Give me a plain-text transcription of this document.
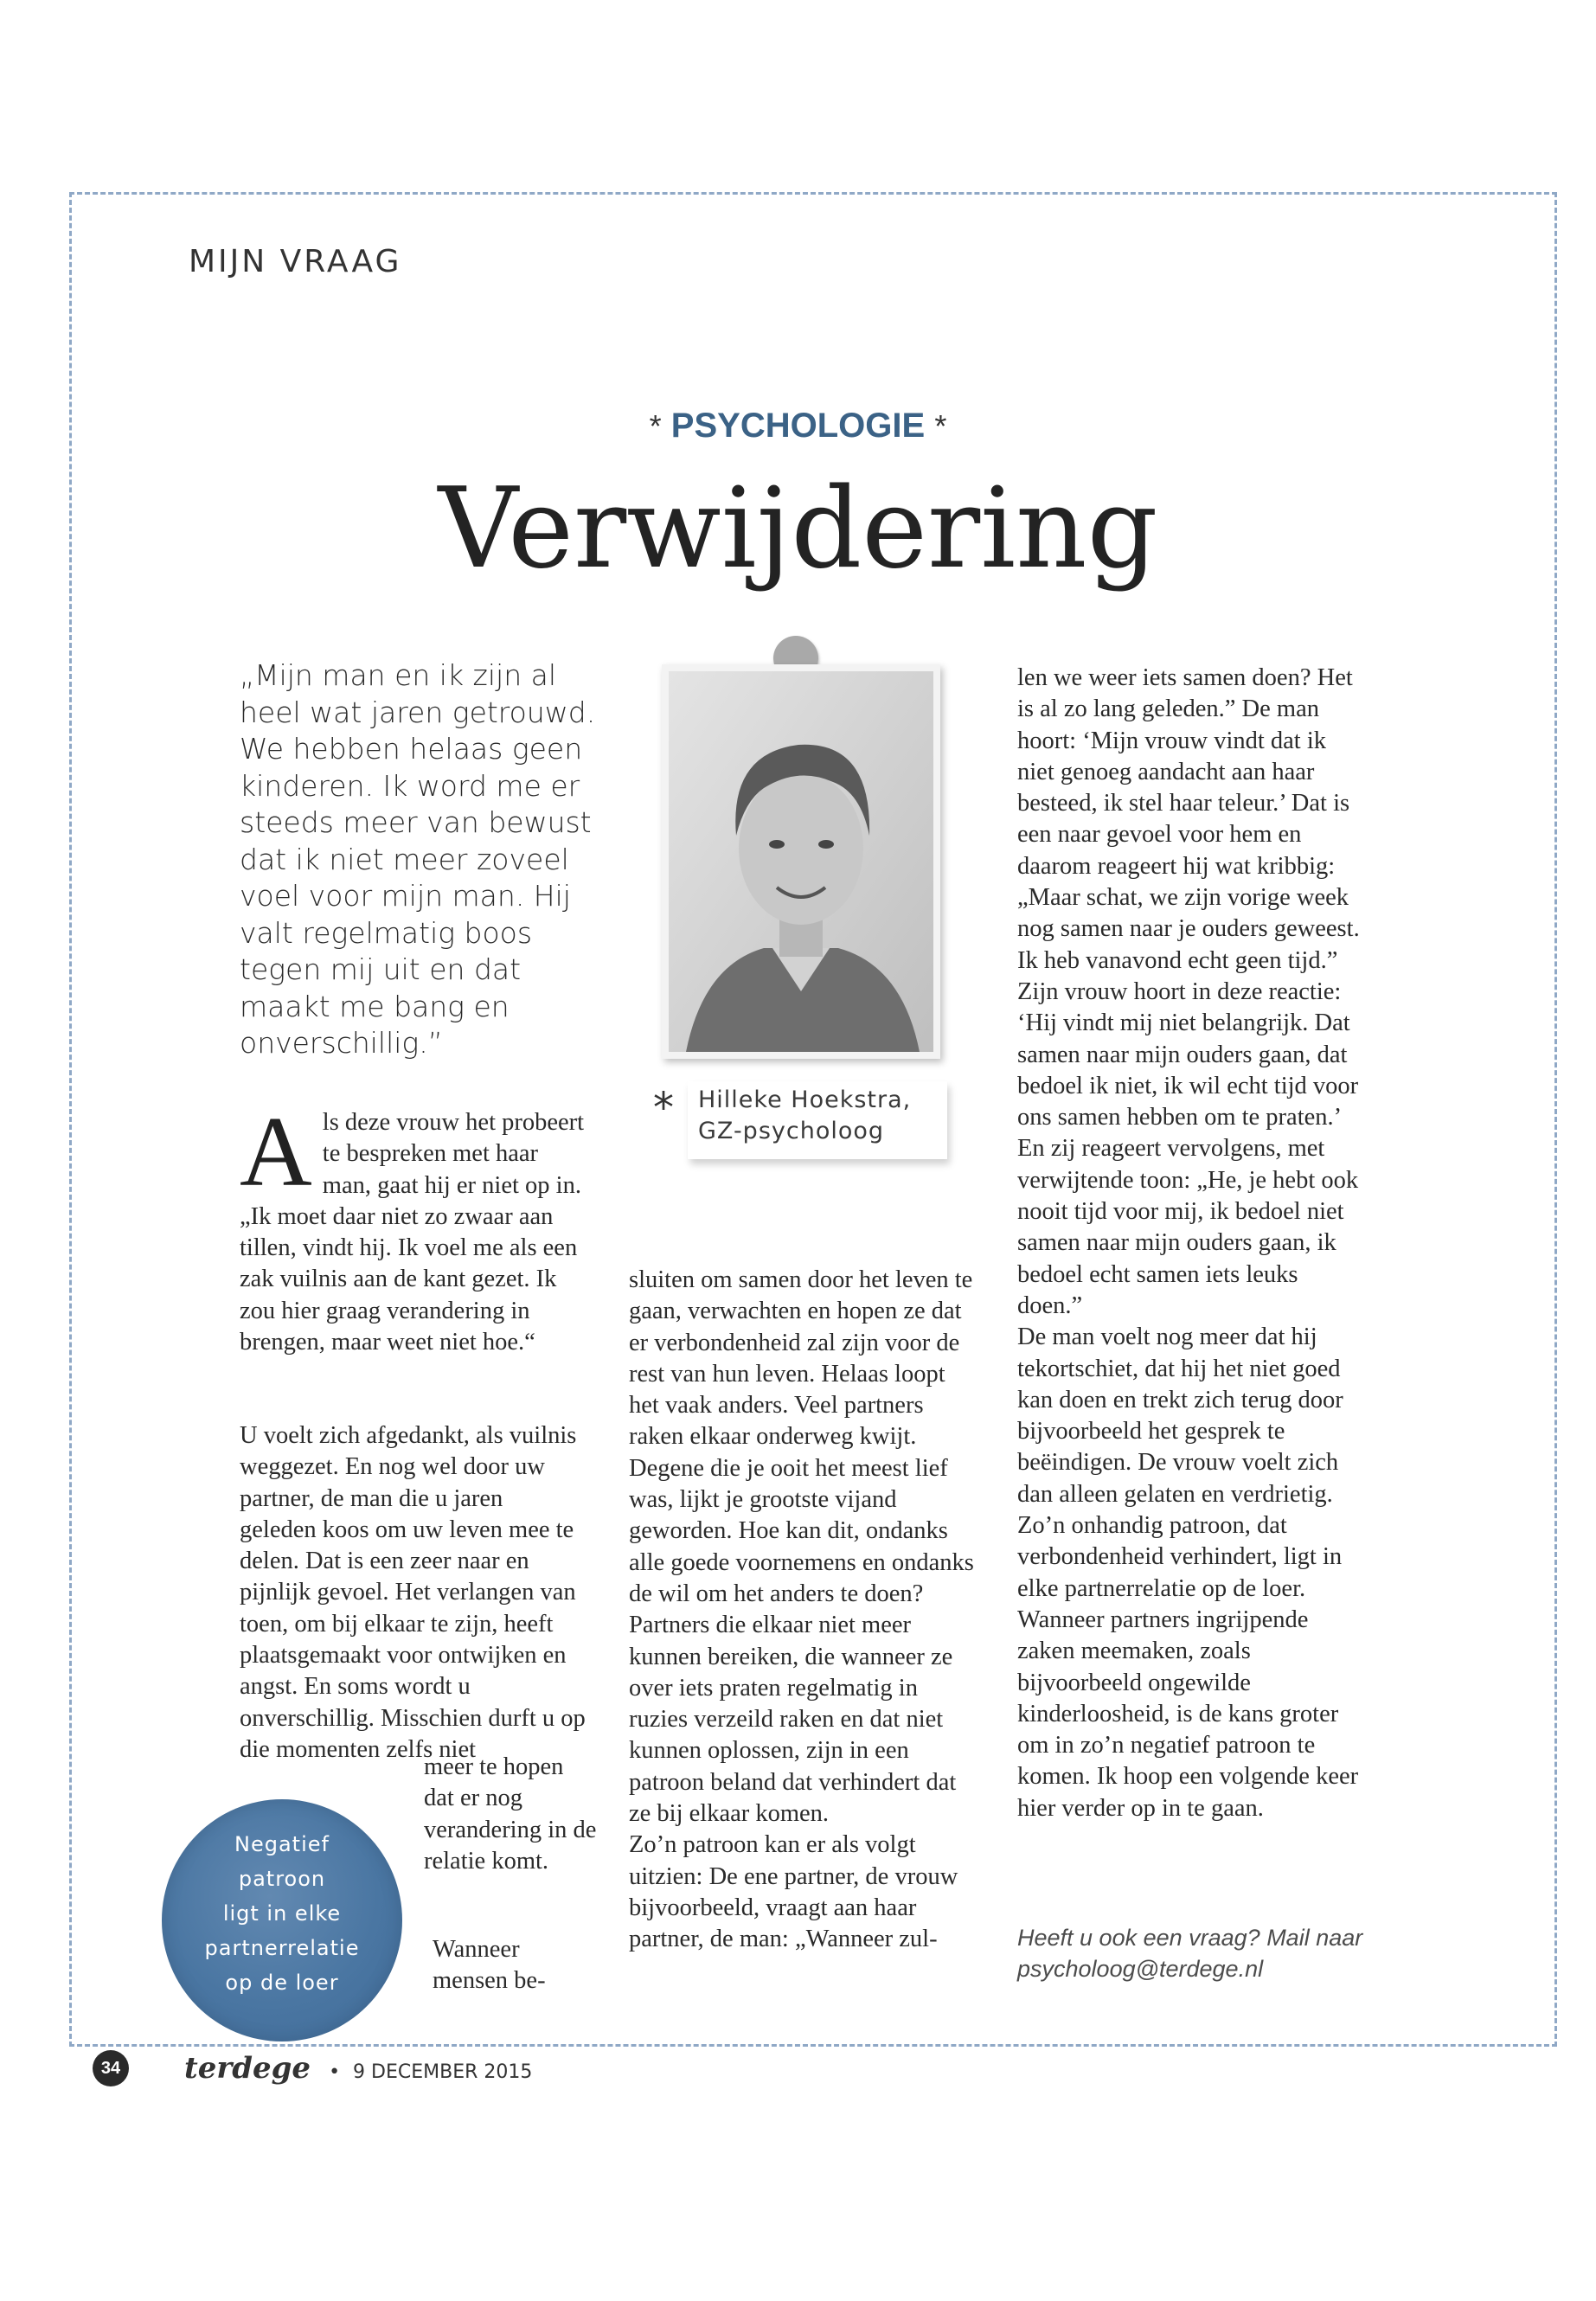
MIJN VRAAG
* PSYCHOLOGIE *
Verwijdering
„Mijn man en ik zijn al heel wat jaren getrouwd. We hebben helaas geen kinderen. Ik word me er steeds meer van bewust dat ik niet meer zoveel voel voor mijn man. Hij valt regelmatig boos tegen mij uit en dat maakt me bang en onverschillig.”
* Hilleke Hoekstra,
GZ-psycholoog
A ls deze vrouw het probeert te bespreken met haar man, gaat hij er niet op in. „Ik moet daar niet zo zwaar aan tillen, vindt hij. Ik voel me als een zak vuilnis aan de kant gezet. Ik zou hier graag verandering in brengen, maar weet niet hoe.“

U voelt zich afgedankt, als vuilnis weggezet. En nog wel door uw partner, de man die u jaren geleden koos om uw leven mee te delen. Dat is een zeer naar en pijnlijk gevoel. Het verlangen van toen, om bij elkaar te zijn, heeft plaatsgemaakt voor ontwijken en angst. En soms wordt u onverschillig. Misschien durft u op die momenten zelfs niet

meer te hopen dat er nog verandering in de relatie komt.

Wanneer mensen be-

Negatief
patroon
ligt in elke
partnerrelatie
op de loer

sluiten om samen door het leven te gaan, verwachten en hopen ze dat er verbondenheid zal zijn voor de rest van hun leven. Helaas loopt het vaak anders. Veel partners raken elkaar onderweg kwijt. Degene die je ooit het meest lief was, lijkt je grootste vijand geworden. Hoe kan dit, ondanks alle goede voornemens en ondanks de wil om het anders te doen?

Partners die elkaar niet meer kunnen bereiken, die wanneer ze over iets praten regelmatig in ruzies verzeild raken en dat niet kunnen oplossen, zijn in een patroon beland dat verhindert dat ze bij elkaar komen.

Zo’n patroon kan er als volgt uitzien: De ene partner, de vrouw bijvoorbeeld, vraagt aan haar partner, de man: „Wanneer zul-

len we weer iets samen doen? Het is al zo lang geleden.” De man hoort: ‘Mijn vrouw vindt dat ik niet genoeg aandacht aan haar besteed, ik stel haar teleur.’ Dat is een naar gevoel voor hem en daarom reageert hij wat kribbig: „Maar schat, we zijn vorige week nog samen naar je ouders geweest. Ik heb vanavond echt geen tijd.” Zijn vrouw hoort in deze reactie: ‘Hij vindt mij niet belangrijk. Dat samen naar mijn ouders gaan, dat bedoel ik niet, ik wil echt tijd voor ons samen hebben om te praten.’ En zij reageert vervolgens, met verwijtende toon: „He, je hebt ook nooit tijd voor mij, ik bedoel niet samen naar mijn ouders gaan, ik bedoel echt samen iets leuks doen.”

De man voelt nog meer dat hij tekortschiet, dat hij het niet goed kan doen en trekt zich terug door bijvoorbeeld het gesprek te beëindigen. De vrouw voelt zich dan alleen gelaten en verdrietig.

Zo’n onhandig patroon, dat verbondenheid verhindert, ligt in elke partnerrelatie op de loer. Wanneer partners ingrijpende zaken meemaken, zoals bijvoorbeeld ongewilde kinderloosheid, is de kans groter om in zo’n negatief patroon te komen. Ik hoop een volgende keer hier verder op in te gaan.

Heeft u ook een vraag? Mail naar
psycholoog@terdege.nl
34 terdege • 9 DECEMBER 2015
